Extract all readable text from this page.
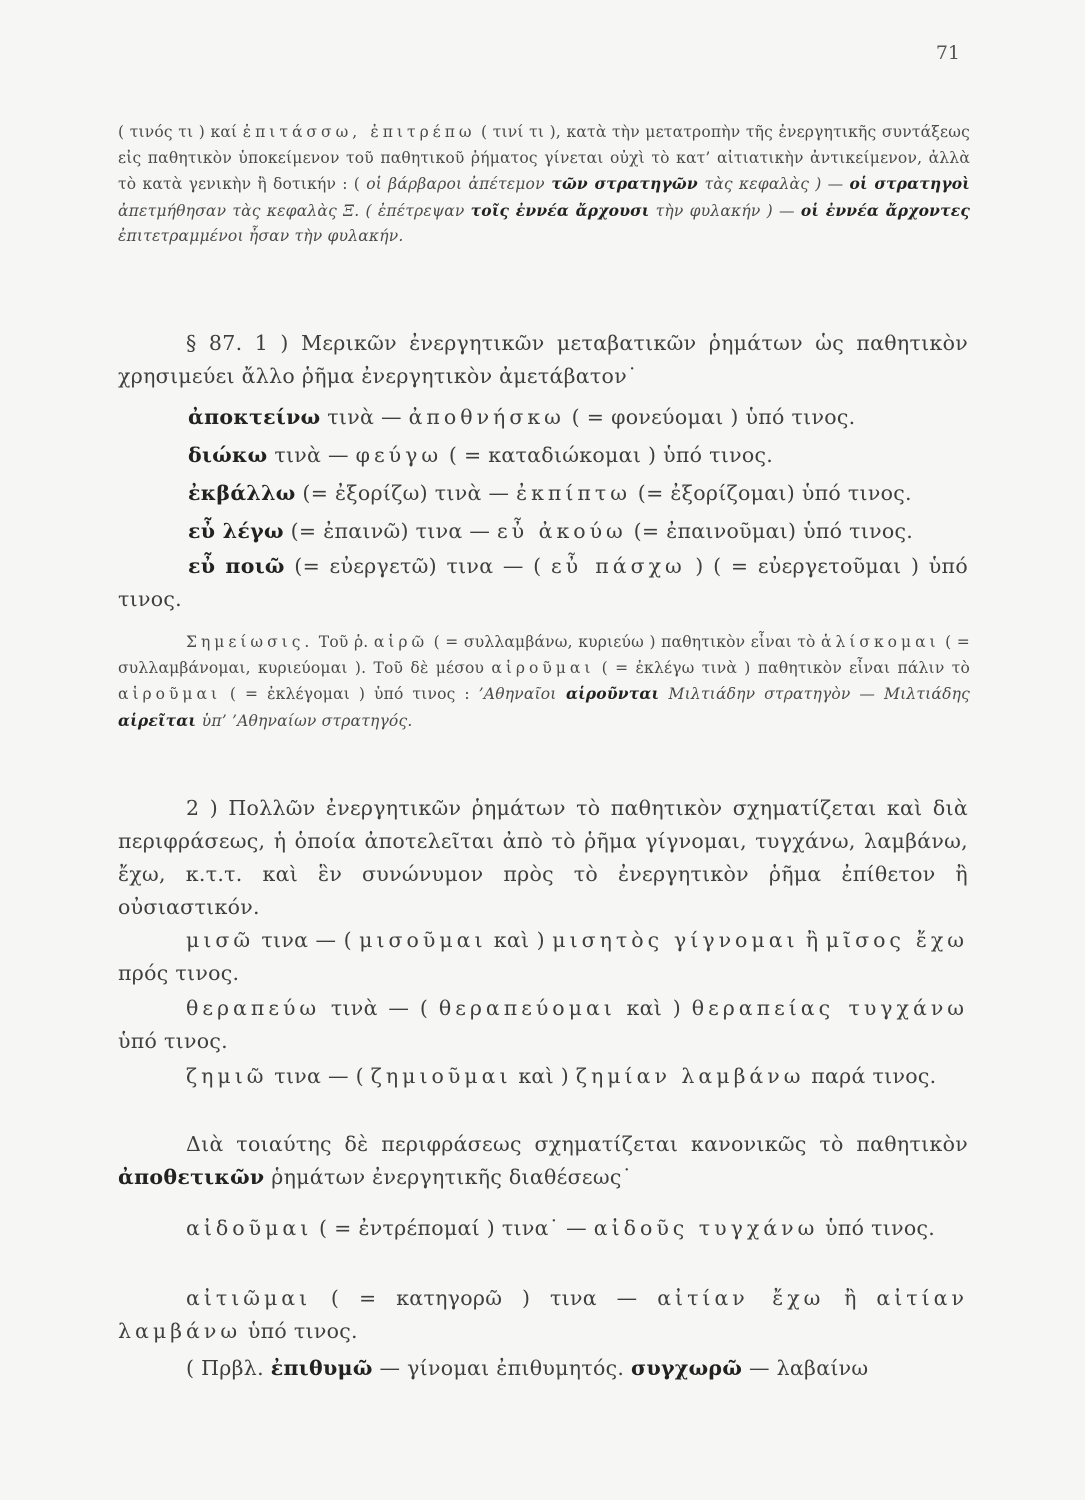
71
( τινός τι ) καί ἐπιτάσσω, ἐπιτρέπω ( τινί τι ), κατὰ τὴν μετατροπὴν τῆς ἐνεργητικῆς συντάξεως εἰς παθητικὸν ὑποκείμενον τοῦ παθητικοῦ ῥήματος γίνεται οὐχὶ τὸ κατ’ αἰτιατικὴν ἀντικείμενον, ἀλλὰ τὸ κατὰ γενικὴν ἢ δοτικήν : ( οἱ βάρβαροι ἀπέτεμον τῶν στρατηγῶν τὰς κεφαλὰς ) — οἱ στρατηγοὶ ἀπετμήθησαν τὰς κεφαλὰς Ξ. ( ἐπέτρεψαν τοῖς ἐννέα ἄρχουσι τὴν φυλακήν ) — οἱ ἐννέα ἄρχοντες ἐπιτετραμμένοι ἦσαν τὴν φυλακήν.
§ 87. 1 ) Μερικῶν ἐνεργητικῶν μεταβατικῶν ῥημάτων ὡς παθητικὸν χρησιμεύει ἄλλο ῥῆμα ἐνεργητικὸν ἀμετάβατον˙
ἀποκτείνω τινὰ — ἀποθνήσκω ( = φονεύομαι ) ὑπό τινος.
διώκω τινὰ — φεύγω ( = καταδιώκομαι ) ὑπό τινος.
ἐκβάλλω (= ἐξορίζω) τινὰ — ἐκπίπτω (= ἐξορίζομαι) ὑπό τινος.
εὖ λέγω (= ἐπαινῶ) τινα — εὖ ἀκούω (= ἐπαινοῦμαι) ὑπό τινος.
εὖ ποιῶ (= εὐεργετῶ) τινα — ( εὖ πάσχω ) ( = εὐεργετοῦμαι ) ὑπό τινος.
Σημείωσις. Τοῦ ῥ. αἱρῶ ( = συλλαμβάνω, κυριεύω ) παθητικὸν εἶναι τὸ ἁλίσκομαι ( = συλλαμβάνομαι, κυριεύομαι ). Τοῦ δὲ μέσου αἱροῦμαι ( = ἐκλέγω τινὰ ) παθητικὸν εἶναι πάλιν τὸ αἱροῦμαι ( = ἐκλέγομαι ) ὑπό τινος : ’Αθηναῖοι αἱροῦνται Μιλτιάδην στρατηγὸν — Μιλτιάδης αἱρεῖται ὑπ’ ’Αθηναίων στρατηγός.
2 ) Πολλῶν ἐνεργητικῶν ῥημάτων τὸ παθητικὸν σχηματίζεται καὶ διὰ περιφράσεως, ἡ ὁποία ἀποτελεῖται ἀπὸ τὸ ῥῆμα γίγνομαι, τυγχάνω, λαμβάνω, ἔχω, κ.τ.τ. καὶ ἓν συνώνυμον πρὸς τὸ ἐνεργητικὸν ῥῆμα ἐπίθετον ἢ οὐσιαστικόν.
μισῶ τινα — ( μισοῦμαι καὶ ) μισητὸς γίγνομαι ἢ μῖσος ἔχω πρός τινος.
θεραπεύω τινὰ — ( θεραπεύομαι καὶ ) θεραπείας τυγχάνω ὑπό τινος.
ζημιῶ τινα — ( ζημιοῦμαι καὶ ) ζημίαν λαμβάνω παρά τινος.
Διὰ τοιαύτης δὲ περιφράσεως σχηματίζεται κανονικῶς τὸ παθητικὸν ἀποθετικῶν ῥημάτων ἐνεργητικῆς διαθέσεως˙
αἰδοῦμαι ( = ἐντρέπομαί ) τινα˙ — αἰδοῦς τυγχάνω ὑπό τινος.
αἰτιῶμαι ( = κατηγορῶ ) τινα — αἰτίαν ἔχω ἢ αἰτίαν λαμβάνω ὑπό τινος.
( Πρβλ. ἐπιθυμῶ — γίνομαι ἐπιθυμητός. συγχωρῶ — λαβαίνω
